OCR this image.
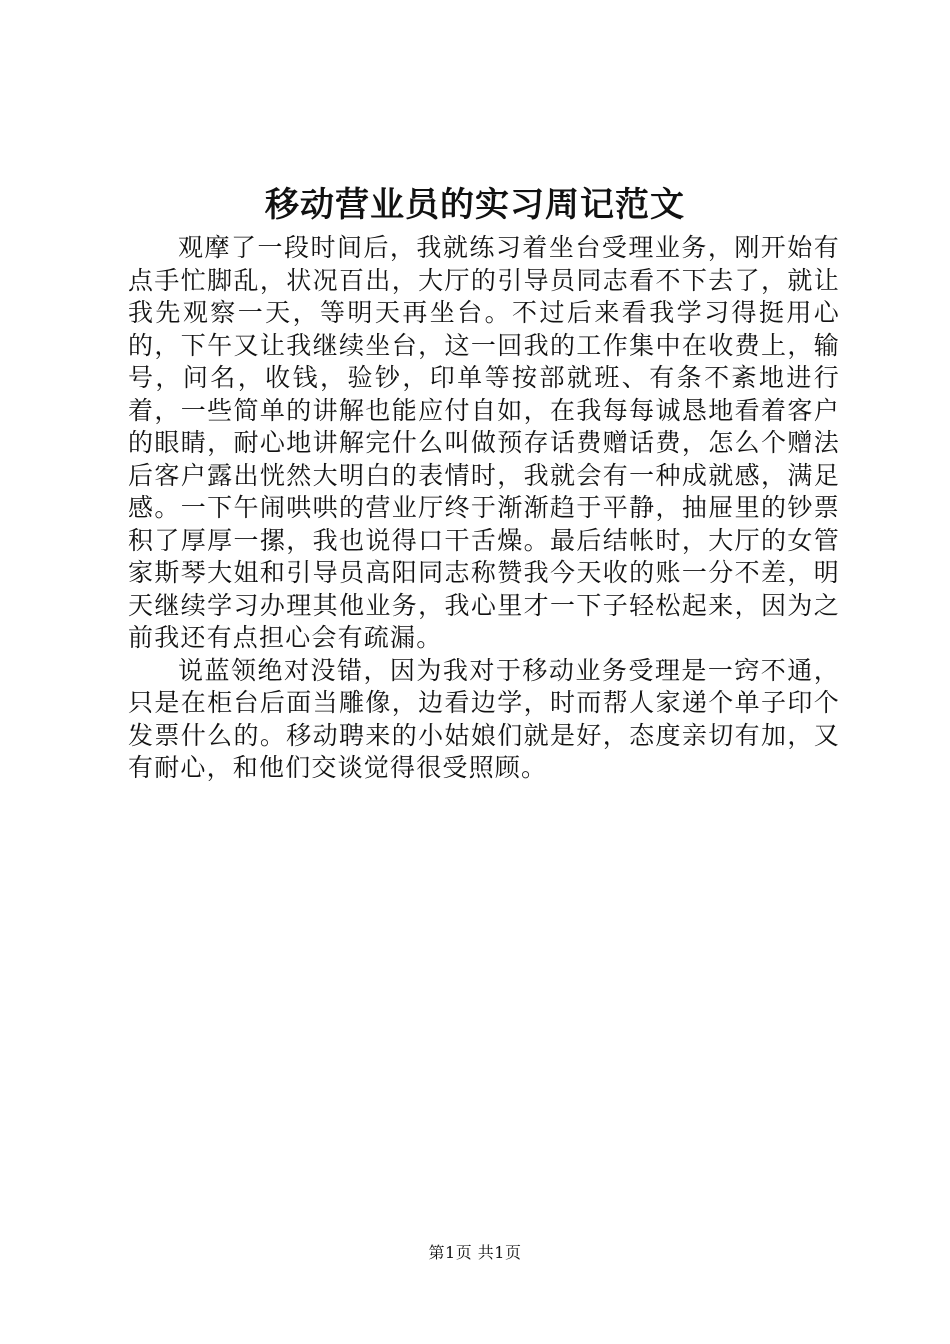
移动营业员的实习周记范文

观摩了一段时间后，我就练习着坐台受理业务，刚开始有点手忙脚乱，状况百出，大厅的引导员同志看不下去了，就让我先观察一天，等明天再坐台。不过后来看我学习得挺用心的，下午又让我继续坐台，这一回我的工作集中在收费上，输号，问名，收钱，验钞，印单等按部就班、有条不紊地进行着，一些简单的讲解也能应付自如，在我每每诚恳地看着客户的眼睛，耐心地讲解完什么叫做预存话费赠话费，怎么个赠法后客户露出恍然大明白的表情时，我就会有一种成就感，满足感。一下午闹哄哄的营业厅终于渐渐趋于平静，抽屉里的钞票积了厚厚一摞，我也说得口干舌燥。最后结帐时，大厅的女管家斯琴大姐和引导员高阳同志称赞我今天收的账一分不差，明天继续学习办理其他业务，我心里才一下子轻松起来，因为之前我还有点担心会有疏漏。

说蓝领绝对没错，因为我对于移动业务受理是一窍不通，只是在柜台后面当雕像，边看边学，时而帮人家递个单子印个发票什么的。移动聘来的小姑娘们就是好，态度亲切有加，又有耐心，和他们交谈觉得很受照顾。

第1页 共1页
